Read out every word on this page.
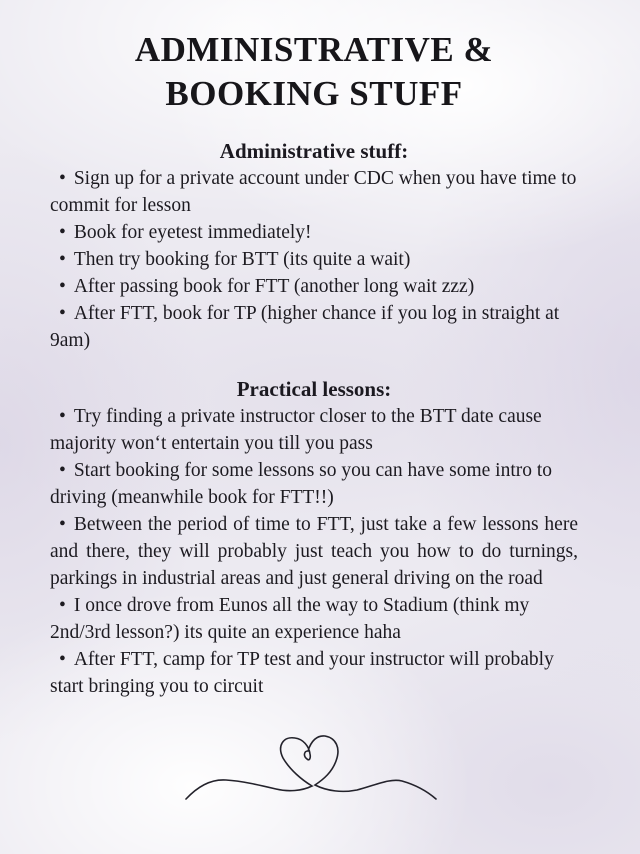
ADMINISTRATIVE &
BOOKING STUFF
Administrative stuff:

• Sign up for a private account under CDC when you have time to commit for lesson

• Book for eyetest immediately!

• Then try booking for BTT (its quite a wait)

• After passing book for FTT (another long wait zzz)

• After FTT, book for TP (higher chance if you log in straight at 9am)

Practical lessons:

• Try finding a private instructor closer to the BTT date cause majority won‘t entertain you till you pass

• Start booking for some lessons so you can have some intro to driving (meanwhile book for FTT!!)

• Between the period of time to FTT, just take a few lessons here and there, they will probably just teach you how to do turnings, parkings in industrial areas and just general driving on the road

• I once drove from Eunos all the way to Stadium (think my 2nd/3rd lesson?) its quite an experience haha

• After FTT, camp for TP test and your instructor will probably start bringing you to circuit
